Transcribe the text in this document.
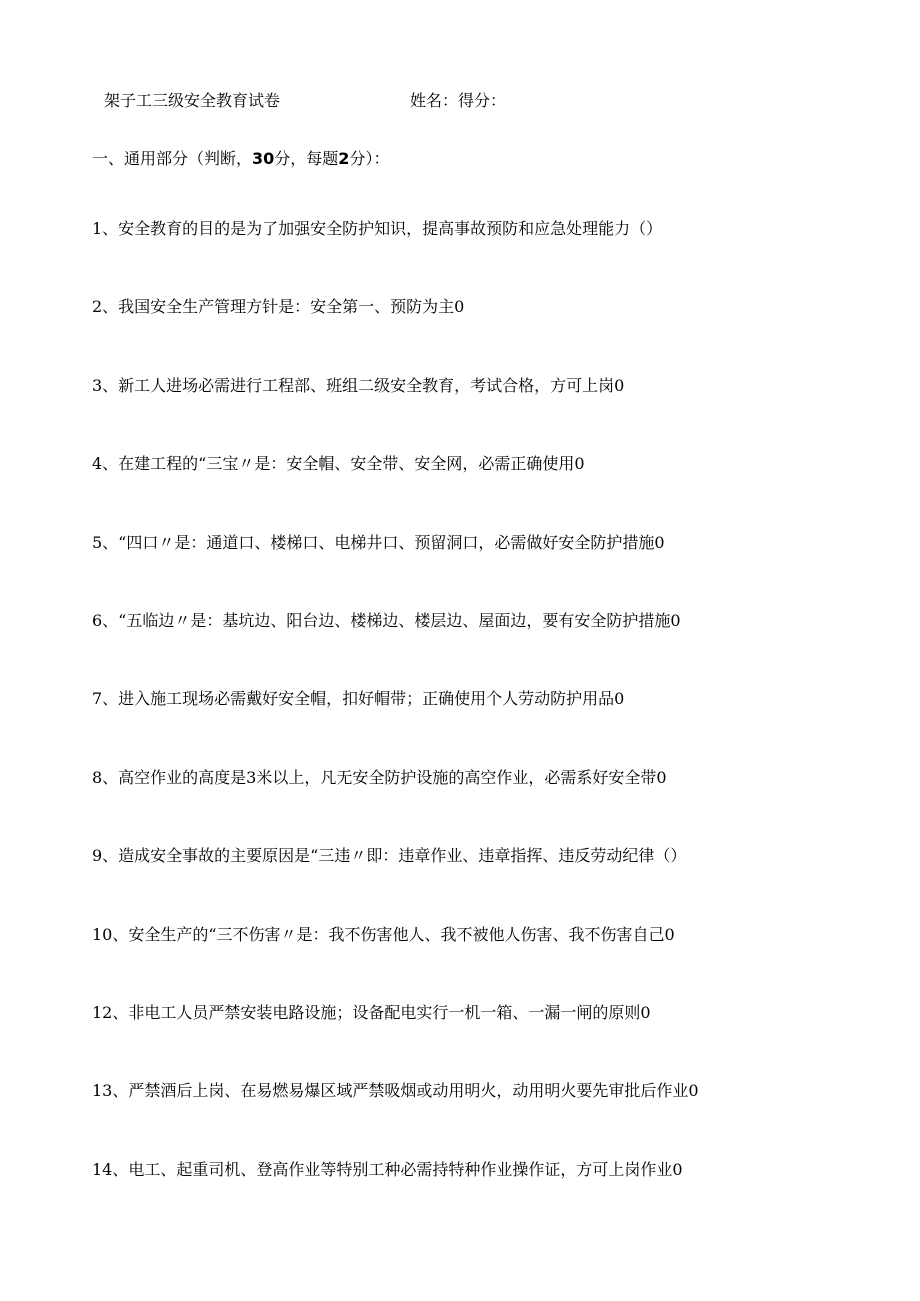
架子工三级安全教育试卷	姓名：得分：
一、通用部分（判断，30分，每题2分）：
1、安全教育的目的是为了加强安全防护知识，提高事故预防和应急处理能力（）
2、我国安全生产管理方针是：安全第一、预防为主0
3、新工人进场必需进行工程部、班组二级安全教育，考试合格，方可上岗0
4、在建工程的“三宝〃是：安全帽、安全带、安全网，必需正确使用0
5、“四口〃是：通道口、楼梯口、电梯井口、预留洞口，必需做好安全防护措施0
6、“五临边〃是：基坑边、阳台边、楼梯边、楼层边、屋面边，要有安全防护措施0
7、进入施工现场必需戴好安全帽，扣好帽带；正确使用个人劳动防护用品0
8、高空作业的高度是3米以上，凡无安全防护设施的高空作业，必需系好安全带0
9、造成安全事故的主要原因是“三违〃即：违章作业、违章指挥、违反劳动纪律（）
10、安全生产的“三不伤害〃是：我不伤害他人、我不被他人伤害、我不伤害自己0
12、非电工人员严禁安装电路设施；设备配电实行一机一箱、一漏一闸的原则0
13、严禁酒后上岗、在易燃易爆区域严禁吸烟或动用明火，动用明火要先审批后作业0
14、电工、起重司机、登高作业等特别工种必需持特种作业操作证，方可上岗作业0
